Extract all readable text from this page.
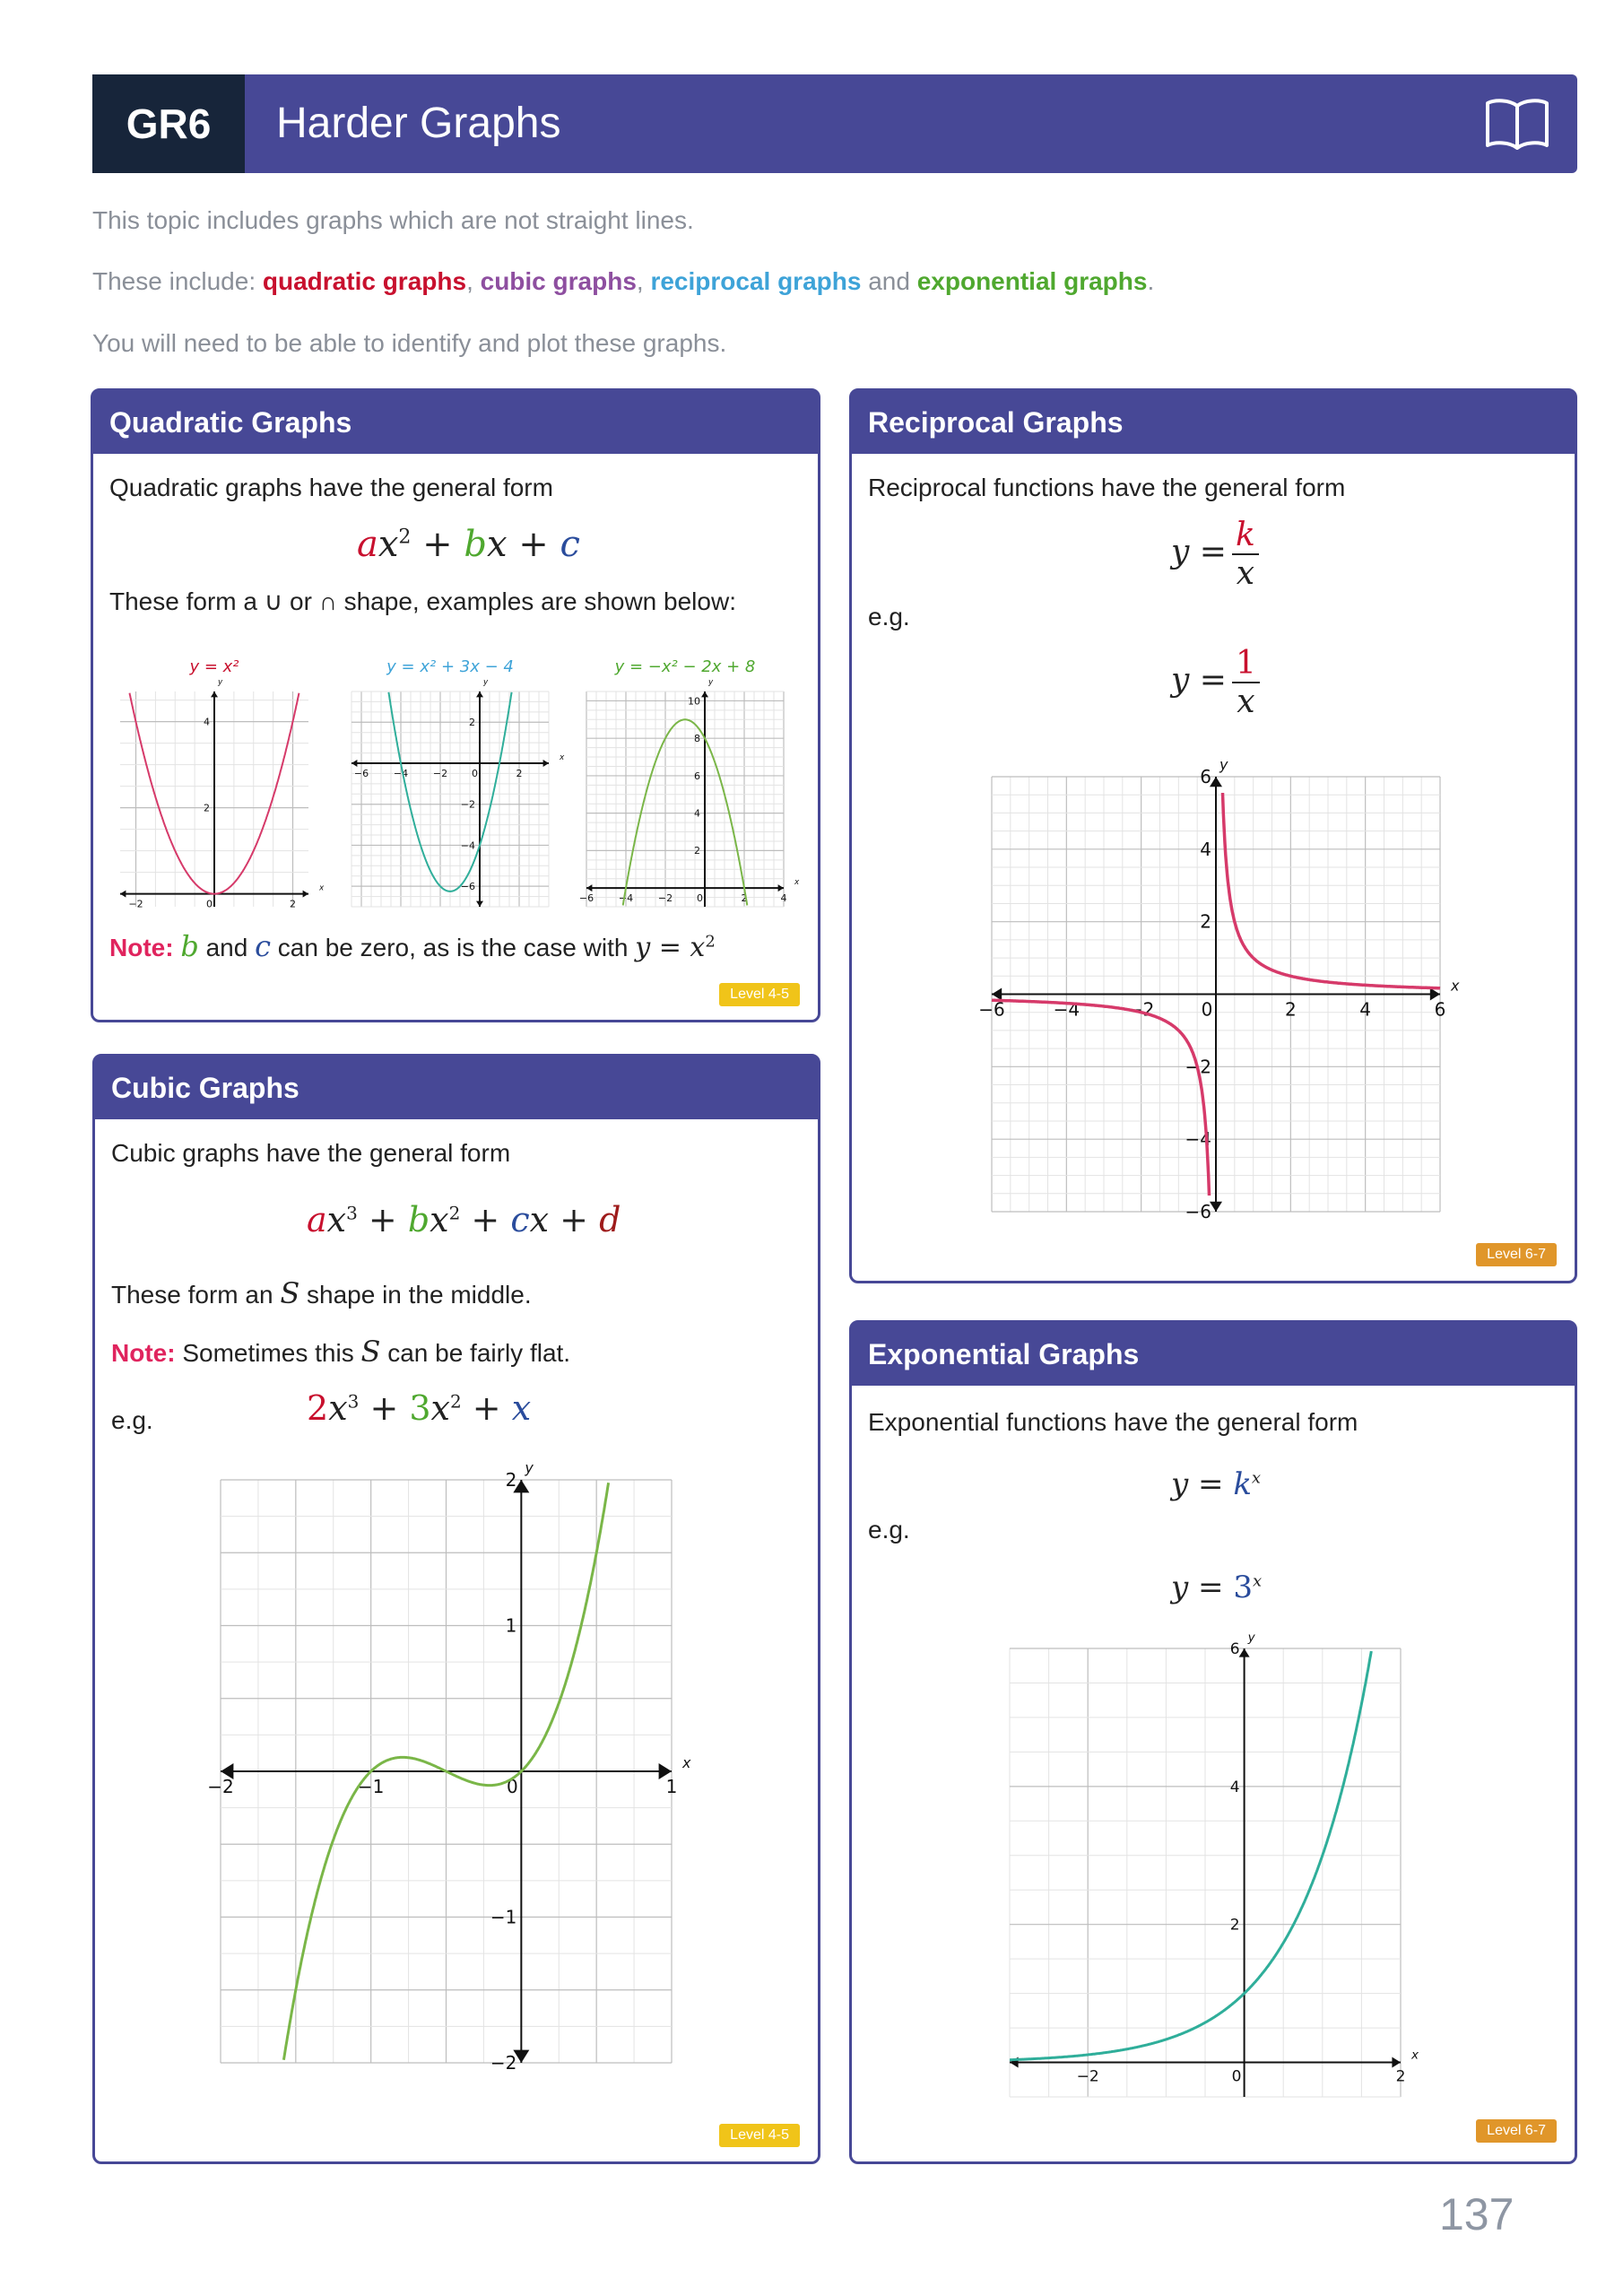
GR6	Harder Graphs
This topic includes graphs which are not straight lines.
These include: quadratic graphs, cubic graphs, reciprocal graphs and exponential graphs.
You will need to be able to identify and plot these graphs.
Quadratic Graphs
Quadratic graphs have the general form
$ax^2$ + bx + c
These form a ∪ or ∩ shape, examples are shown below:
y = x²
x
y
−2	0	2
2
4
y = x² + 3x − 4
x
y
−6	−4	−2 0	2
2
−2
−4
−6
y = −x² − 2x + 8
x
y
−6	−4	−2 0	2	4
2
4
6
8
10
Note: b and c can be zero, as is the case with $y = x^2$
Level 4-5
Reciprocal Graphs
Reciprocal functions have the general form
$y = \frac{k}{x}$
e.g.
$y = \frac{1}{x}$
x
y
−6	−4	−2	0	2	4	6
6
4
2
−2
−4
−6
Level 6-7
Cubic Graphs
Cubic graphs have the general form
$ax^3 + bx^2$ + cx + d
These form an S shape in the middle.
Note: Sometimes this S can be fairly flat.
e.g.	$2x^3 + 3x^2 + x$
x
y
−2	−1	0	1
2
1
−1
−2
Level 4-5
Exponential Graphs
Exponential functions have the general form
$y = k^x$
e.g.
$y = 3^x$
x
y
−2	0	2
6
4
2
Level 6-7
137
